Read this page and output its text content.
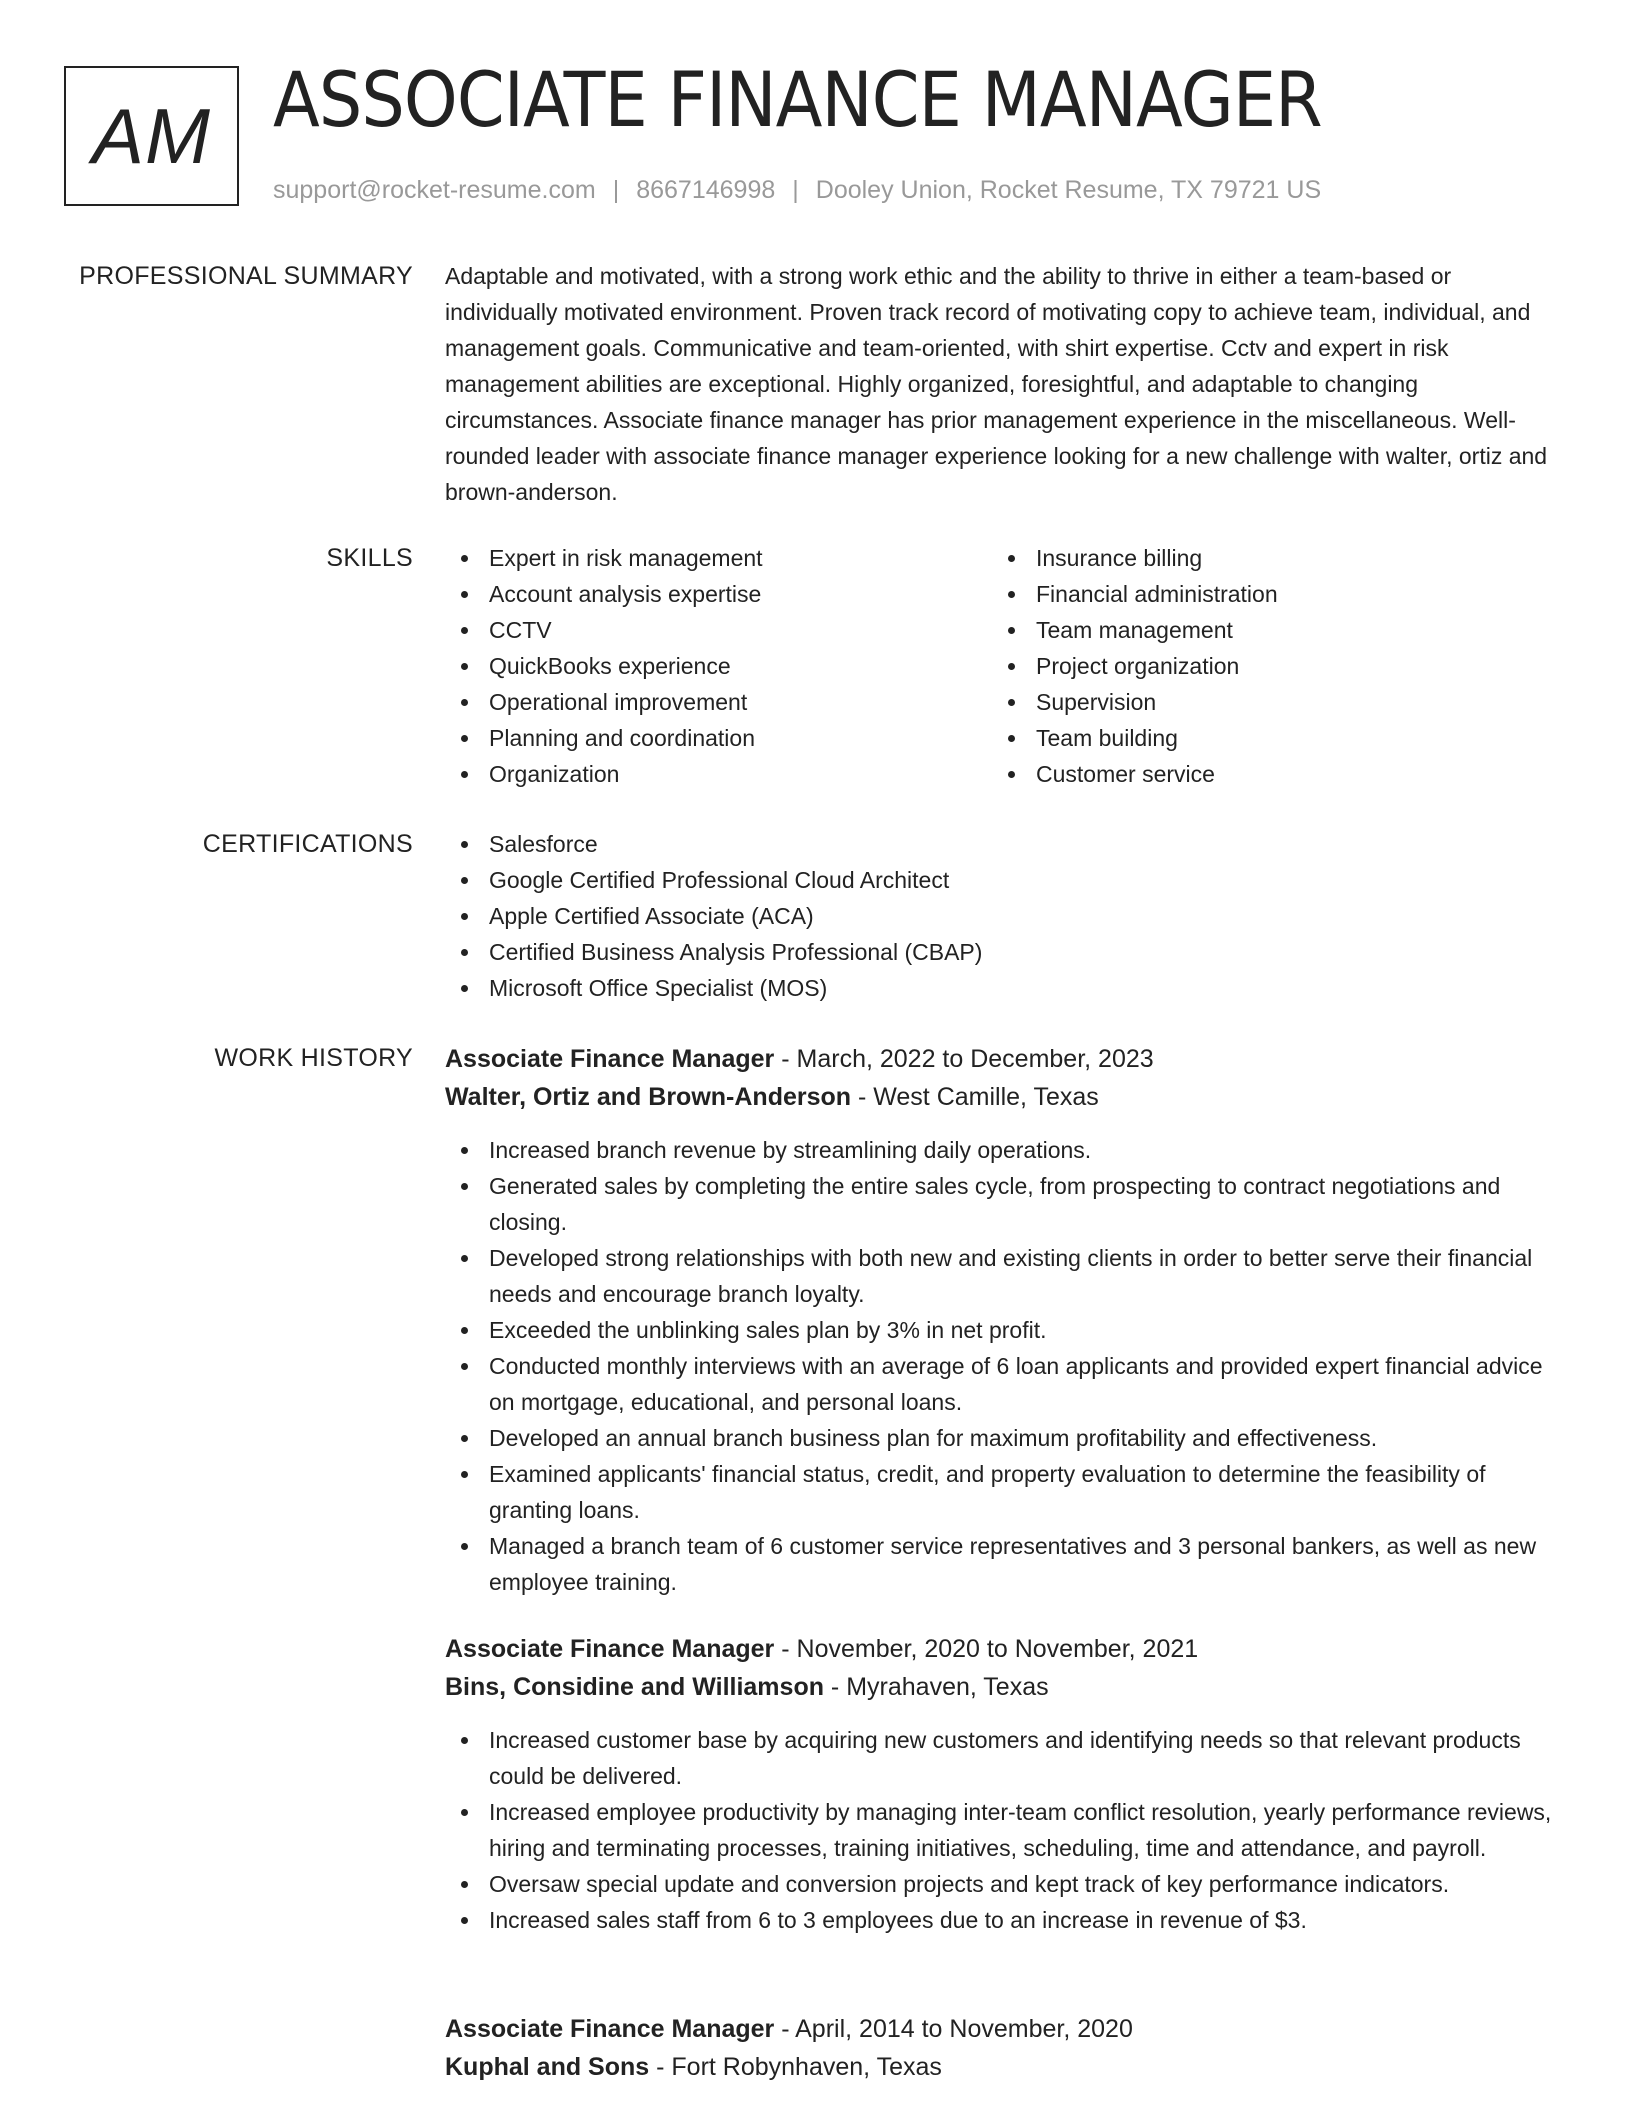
AM ASSOCIATE FINANCE MANAGER
support@rocket-resume.com | 8667146998 | Dooley Union, Rocket Resume, TX 79721 US
PROFESSIONAL SUMMARY Adaptable and motivated, with a strong work ethic and the ability to thrive in either a team-based or individually motivated environment. Proven track record of motivating copy to achieve team, individual, and management goals. Communicative and team-oriented, with shirt expertise. Cctv and expert in risk management abilities are exceptional. Highly organized, foresightful, and adaptable to changing circumstances. Associate finance manager has prior management experience in the miscellaneous. Well-rounded leader with associate finance manager experience looking for a new challenge with walter, ortiz and brown-anderson.

SKILLS	Expert in risk management
Account analysis expertise
CCTV
QuickBooks experience
Operational improvement
Planning and coordination
Organization
Insurance billing
Financial administration
Team management
Project organization
Supervision
Team building
Customer service
CERTIFICATIONS	Salesforce
Google Certified Professional Cloud Architect
Apple Certified Associate (ACA)
Certified Business Analysis Professional (CBAP)
Microsoft Office Specialist (MOS)
WORK HISTORY Associate Finance Manager - March, 2022 to December, 2023
Walter, Ortiz and Brown-Anderson - West Camille, Texas
Increased branch revenue by streamlining daily operations.
Generated sales by completing the entire sales cycle, from prospecting to contract negotiations and closing.
Developed strong relationships with both new and existing clients in order to better serve their financial needs and encourage branch loyalty.
Exceeded the unblinking sales plan by 3% in net profit.
Conducted monthly interviews with an average of 6 loan applicants and provided expert financial advice on mortgage, educational, and personal loans.
Developed an annual branch business plan for maximum profitability and effectiveness.
Examined applicants' financial status, credit, and property evaluation to determine the feasibility of granting loans.
Managed a branch team of 6 customer service representatives and 3 personal bankers, as well as new employee training.
Associate Finance Manager - November, 2020 to November, 2021
Bins, Considine and Williamson - Myrahaven, Texas
Increased customer base by acquiring new customers and identifying needs so that relevant products could be delivered.
Increased employee productivity by managing inter-team conflict resolution, yearly performance reviews, hiring and terminating processes, training initiatives, scheduling, time and attendance, and payroll.
Oversaw special update and conversion projects and kept track of key performance indicators.
Increased sales staff from 6 to 3 employees due to an increase in revenue of $3.
Associate Finance Manager - April, 2014 to November, 2020
Kuphal and Sons - Fort Robynhaven, Texas
